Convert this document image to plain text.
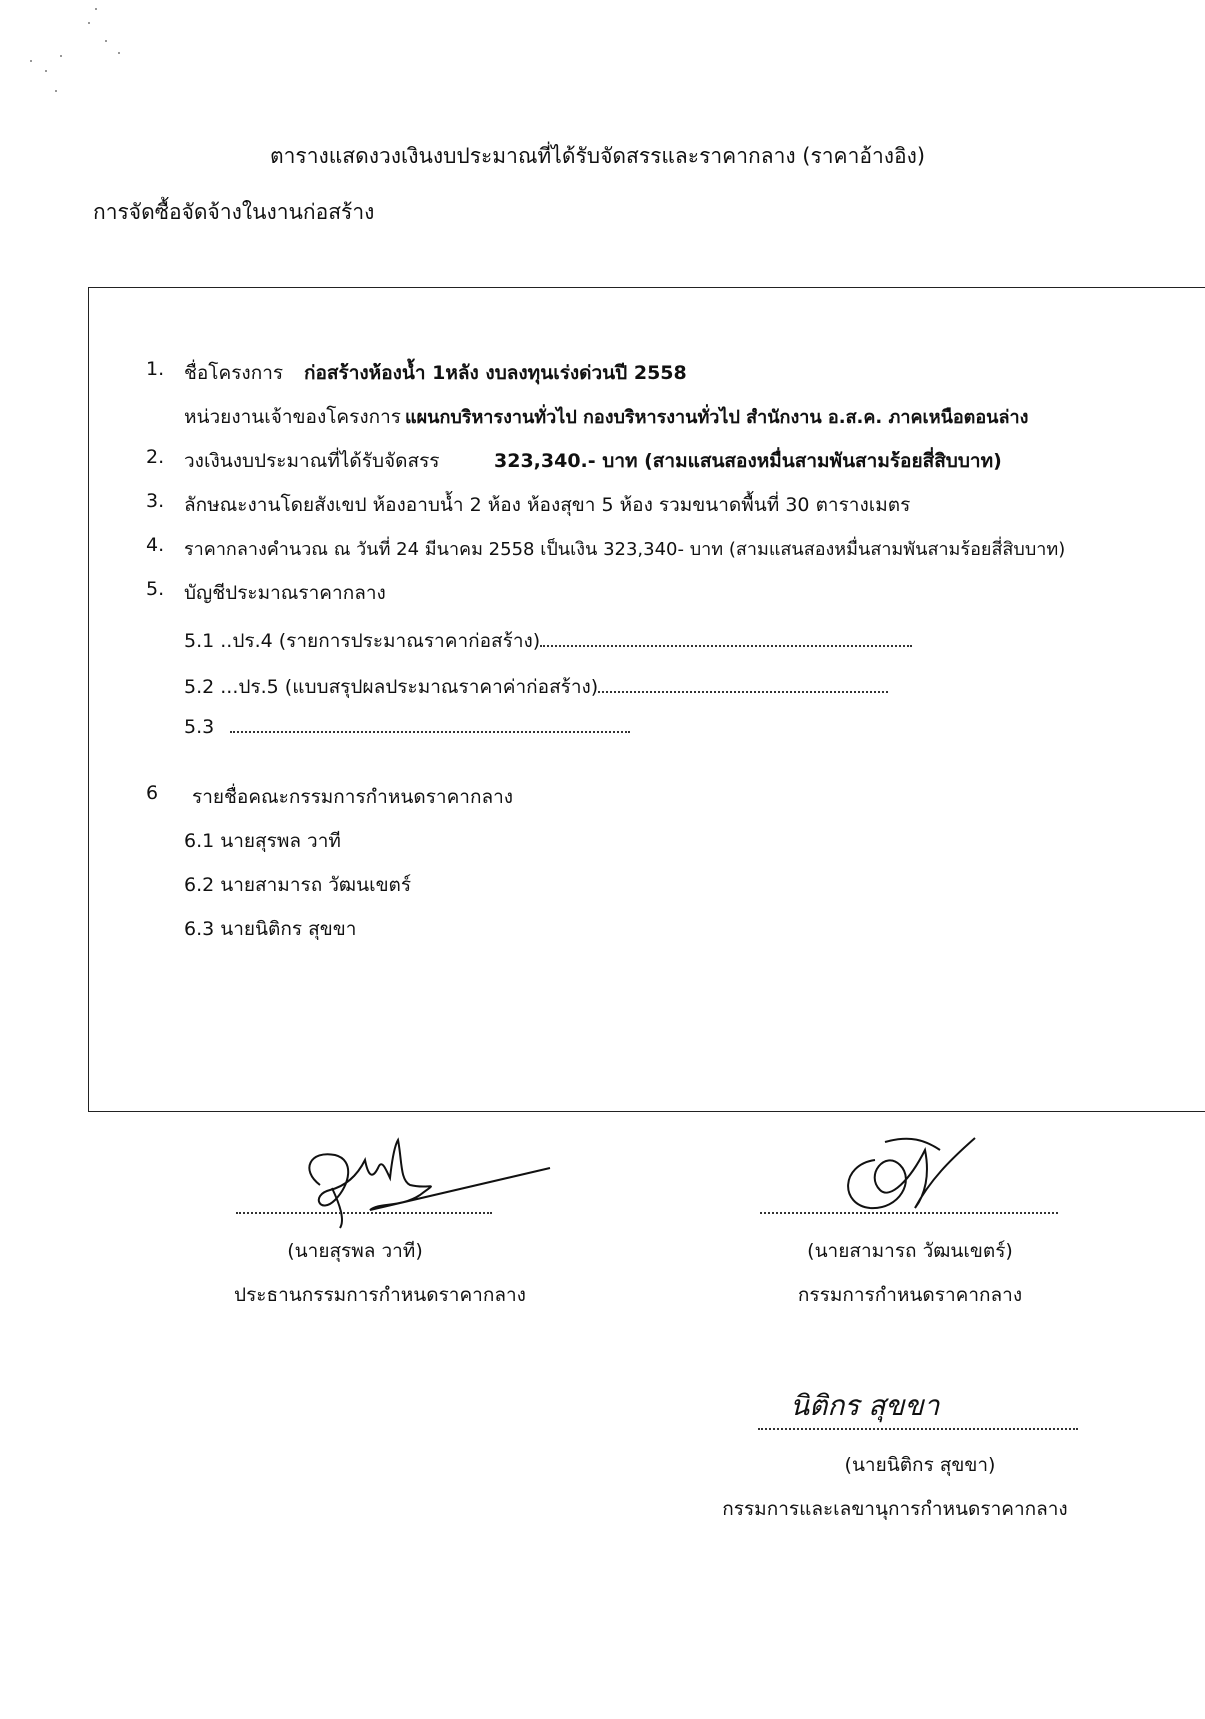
ตารางแสดงวงเงินงบประมาณที่ได้รับจัดสรรและราคากลาง (ราคาอ้างอิง)
การจัดซื้อจัดจ้างในงานก่อสร้าง
1. ชื่อโครงการ ก่อสร้างห้องน้ำ 1หลัง งบลงทุนเร่งด่วนปี 2558
หน่วยงานเจ้าของโครงการ แผนกบริหารงานทั่วไป กองบริหารงานทั่วไป สำนักงาน อ.ส.ค. ภาคเหนือตอนล่าง
2. วงเงินงบประมาณที่ได้รับจัดสรร	323,340.- บาท (สามแสนสองหมื่นสามพันสามร้อยสี่สิบบาท)
3. ลักษณะงานโดยสังเขป ห้องอาบน้ำ 2 ห้อง ห้องสุขา 5 ห้อง รวมขนาดพื้นที่ 30 ตารางเมตร
4. ราคากลางคำนวณ ณ วันที่ 24 มีนาคม 2558 เป็นเงิน 323,340- บาท (สามแสนสองหมื่นสามพันสามร้อยสี่สิบบาท)
5. บัญชีประมาณราคากลาง
5.1 ..ปร.4 (รายการประมาณราคาก่อสร้าง)
5.2 ...ปร.5 (แบบสรุปผลประมาณราคาค่าก่อสร้าง)
5.3
6 รายชื่อคณะกรรมการกำหนดราคากลาง
6.1 นายสุรพล วาที
6.2 นายสามารถ วัฒนเขตร์
6.3 นายนิติกร สุขขา
(นายสุรพล วาที)
ประธานกรรมการกำหนดราคากลาง
(นายสามารถ วัฒนเขตร์)
กรรมการกำหนดราคากลาง
นิติกร สุขขา
(นายนิติกร สุขขา)
กรรมการและเลขานุการกำหนดราคากลาง
